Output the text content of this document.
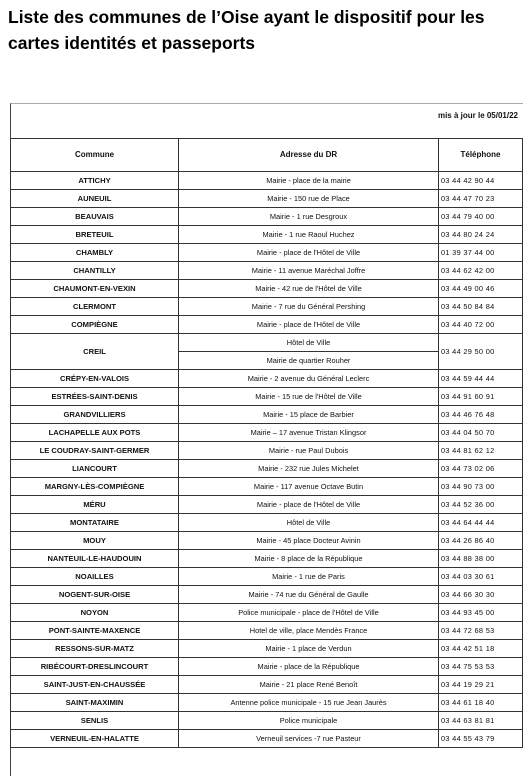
Liste des communes de l’Oise ayant le dispositif pour les cartes identités et passeports
mis à jour le 05/01/22
Commune	Adresse du DR	Téléphone
ATTICHY	Mairie - place de la mairie	03 44 42 90 44
AUNEUIL	Mairie - 150 rue de Place	03 44 47 70 23
BEAUVAIS	Mairie - 1 rue Desgroux	03 44 79 40 00
BRETEUIL	Mairie - 1 rue Raoul Huchez	03 44 80 24 24
CHAMBLY	Mairie - place de l'Hôtel de Ville	01 39 37 44 00
CHANTILLY	Mairie - 11 avenue Maréchal Joffre	03 44 62 42 00
CHAUMONT-EN-VEXIN	Mairie - 42 rue de l'Hôtel de Ville	03 44 49 00 46
CLERMONT	Mairie - 7 rue du Général Pershing	03 44 50 84 84
COMPIÈGNE	Mairie - place de l'Hôtel de Ville	03 44 40 72 00
CREIL	Hôtel de Ville	03 44 29 50 00
	Mairie de quartier Rouher	
CRÉPY-EN-VALOIS	Mairie - 2 avenue du Général Leclerc	03 44 59 44 44
ESTRÉES-SAINT-DENIS	Mairie - 15 rue de l'Hôtel de Ville	03 44 91 60 91
GRANDVILLIERS	Mairie - 15 place de Barbier	03 44 46 76 48
LACHAPELLE AUX POTS	Mairie – 17 avenue Tristan Klingsor	03 44 04 50 70
LE COUDRAY-SAINT-GERMER	Mairie - rue Paul Dubois	03 44 81 62 12
LIANCOURT	Mairie - 232 rue Jules Michelet	03 44 73 02 06
MARGNY-LÈS-COMPIÈGNE	Mairie - 117 avenue Octave Butin	03 44 90 73 00
MÉRU	Mairie - place de l'Hôtel de Ville	03 44 52 36 00
MONTATAIRE	Hôtel de Ville	03 44 64 44 44
MOUY	Mairie - 45 place Docteur Avinin	03 44 26 86 40
NANTEUIL-LE-HAUDOUIN	Mairie - 8 place de la République	03 44 88 38 00
NOAILLES	Mairie - 1 rue de Paris	03 44 03 30 61
NOGENT-SUR-OISE	Mairie - 74 rue du Général de Gaulle	03 44 66 30 30
NOYON	Police municipale - place de l'Hôtel de Ville	03 44 93 45 00
PONT-SAINTE-MAXENCE	Hotel de ville, place Mendès France	03 44 72 68 53
RESSONS-SUR-MATZ	Mairie - 1 place de Verdun	03 44 42 51 18
RIBÉCOURT-DRESLINCOURT	Mairie - place de la République	03 44 75 53 53
SAINT-JUST-EN-CHAUSSÉE	Mairie - 21 place René Benoît	03 44 19 29 21
SAINT-MAXIMIN	Antenne police municipale - 15 rue Jean Jaurès	03 44 61 18 40
SENLIS	Police municipale	03 44 63 81 81
VERNEUIL-EN-HALATTE	Verneuil services -7 rue Pasteur	03 44 55 43 79
